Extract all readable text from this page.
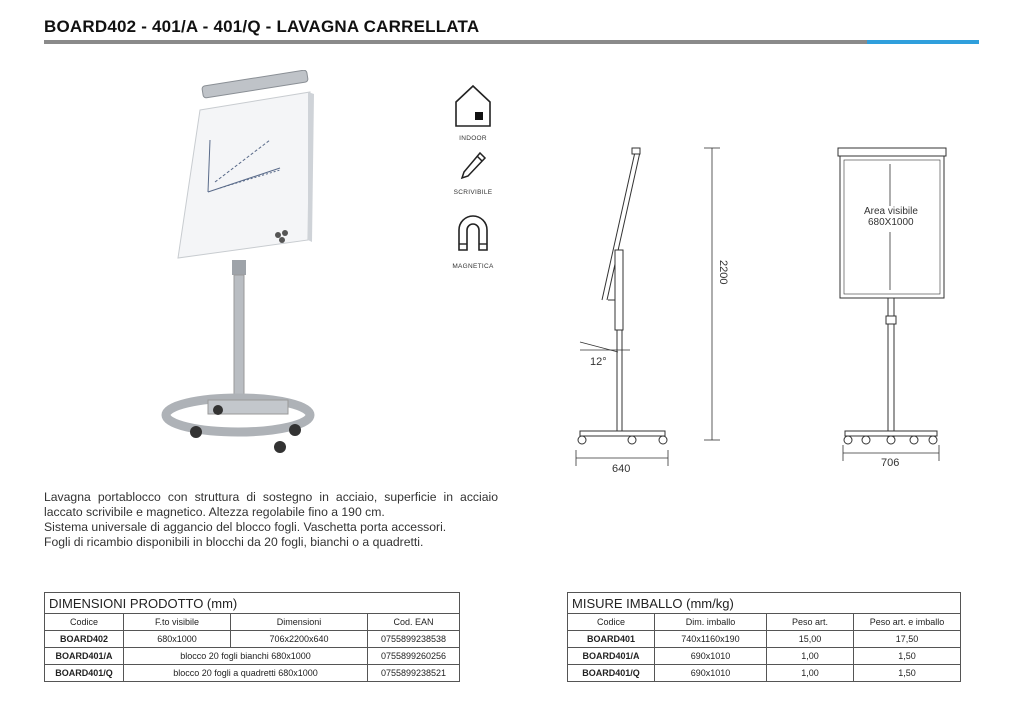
BOARD402 - 401/A - 401/Q - LAVAGNA CARRELLATA
INDOOR
SCRIVIBILE
MAGNETICA
12°
640
2200
Area visibile
680X1000
706

Lavagna portablocco con struttura di sostegno in acciaio, superficie in acciaio laccato scrivibile e magnetico. Altezza regolabile fino a 190 cm.

Sistema universale di aggancio del blocco fogli. Vaschetta porta accessori.

Fogli di ricambio disponibili in blocchi da 20 fogli, bianchi o a quadretti.

DIMENSIONI PRODOTTO (mm)			
Codice	F.to visibile	Dimensioni	Cod. EAN
BOARD402	680x1000	706x2200x640	0755899238538
BOARD401/A	blocco 20 fogli bianchi 680x1000		0755899260256
BOARD401/Q	blocco 20 fogli a quadretti 680x1000		0755899238521
MISURE IMBALLO (mm/kg)			
Codice	Dim. imballo	Peso art.	Peso art. e imballo
BOARD401	740x1160x190	15,00	17,50
BOARD401/A	690x1010	1,00	1,50
BOARD401/Q	690x1010	1,00	1,50
